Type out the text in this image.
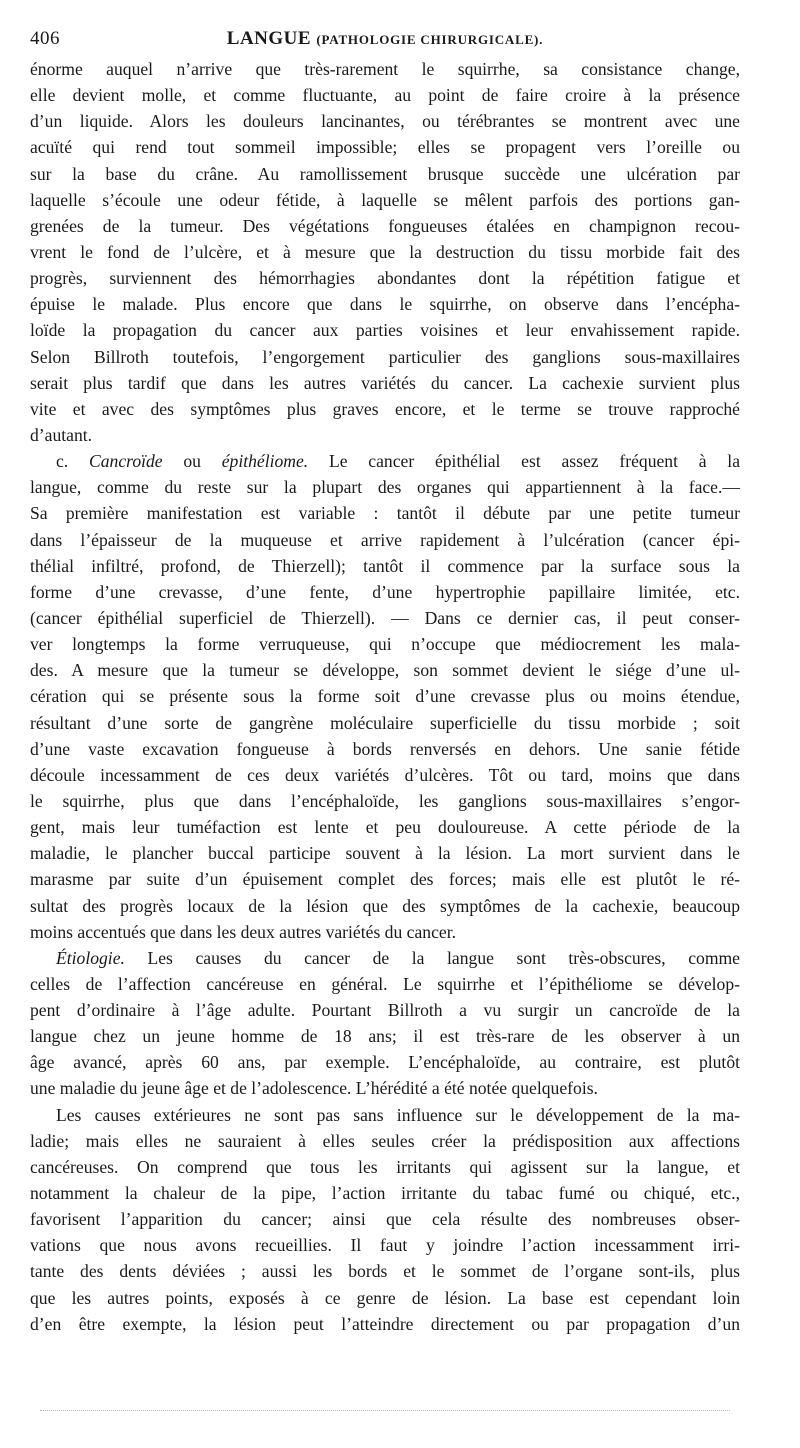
406	LANGUE (PATHOLOGIE CHIRURGICALE).
énorme auquel n’arrive que très-rarement le squirrhe, sa consistance change,
elle devient molle, et comme fluctuante, au point de faire croire à la présence
d’un liquide. Alors les douleurs lancinantes, ou térébrantes se montrent avec une
acuïté qui rend tout sommeil impossible; elles se propagent vers l’oreille ou
sur la base du crâne. Au ramollissement brusque succède une ulcération par
laquelle s’écoule une odeur fétide, à laquelle se mêlent parfois des portions gan-
grenées de la tumeur. Des végétations fongueuses étalées en champignon recou-
vrent le fond de l’ulcère, et à mesure que la destruction du tissu morbide fait des
progrès, surviennent des hémorrhagies abondantes dont la répétition fatigue et
épuise le malade. Plus encore que dans le squirrhe, on observe dans l’encépha-
loïde la propagation du cancer aux parties voisines et leur envahissement rapide.
Selon Billroth toutefois, l’engorgement particulier des ganglions sous-maxillaires
serait plus tardif que dans les autres variétés du cancer. La cachexie survient plus
vite et avec des symptômes plus graves encore, et le terme se trouve rapproché
d’autant.
c. Cancroïde ou épithéliome. Le cancer épithélial est assez fréquent à la
langue, comme du reste sur la plupart des organes qui appartiennent à la face.—
Sa première manifestation est variable : tantôt il débute par une petite tumeur
dans l’épaisseur de la muqueuse et arrive rapidement à l’ulcération (cancer épi-
thélial infiltré, profond, de Thierzell); tantôt il commence par la surface sous la
forme d’une crevasse, d’une fente, d’une hypertrophie papillaire limitée, etc.
(cancer épithélial superficiel de Thierzell). — Dans ce dernier cas, il peut conser-
ver longtemps la forme verruqueuse, qui n’occupe que médiocrement les mala-
des. A mesure que la tumeur se développe, son sommet devient le siége d’une ul-
cération qui se présente sous la forme soit d’une crevasse plus ou moins étendue,
résultant d’une sorte de gangrène moléculaire superficielle du tissu morbide ; soit
d’une vaste excavation fongueuse à bords renversés en dehors. Une sanie fétide
découle incessamment de ces deux variétés d’ulcères. Tôt ou tard, moins que dans
le squirrhe, plus que dans l’encéphaloïde, les ganglions sous-maxillaires s’engor-
gent, mais leur tuméfaction est lente et peu douloureuse. A cette période de la
maladie, le plancher buccal participe souvent à la lésion. La mort survient dans le
marasme par suite d’un épuisement complet des forces; mais elle est plutôt le ré-
sultat des progrès locaux de la lésion que des symptômes de la cachexie, beaucoup
moins accentués que dans les deux autres variétés du cancer.
Étiologie. Les causes du cancer de la langue sont très-obscures, comme
celles de l’affection cancéreuse en général. Le squirrhe et l’épithéliome se dévelop-
pent d’ordinaire à l’âge adulte. Pourtant Billroth a vu surgir un cancroïde de la
langue chez un jeune homme de 18 ans; il est très-rare de les observer à un
âge avancé, après 60 ans, par exemple. L’encéphaloïde, au contraire, est plutôt
une maladie du jeune âge et de l’adolescence. L’hérédité a été notée quelquefois.
Les causes extérieures ne sont pas sans influence sur le développement de la ma-
ladie; mais elles ne sauraient à elles seules créer la prédisposition aux affections
cancéreuses. On comprend que tous les irritants qui agissent sur la langue, et
notamment la chaleur de la pipe, l’action irritante du tabac fumé ou chiqué, etc.,
favorisent l’apparition du cancer; ainsi que cela résulte des nombreuses obser-
vations que nous avons recueillies. Il faut y joindre l’action incessamment irri-
tante des dents déviées ; aussi les bords et le sommet de l’organe sont-ils, plus
que les autres points, exposés à ce genre de lésion. La base est cependant loin
d’en être exempte, la lésion peut l’atteindre directement ou par propagation d’un
